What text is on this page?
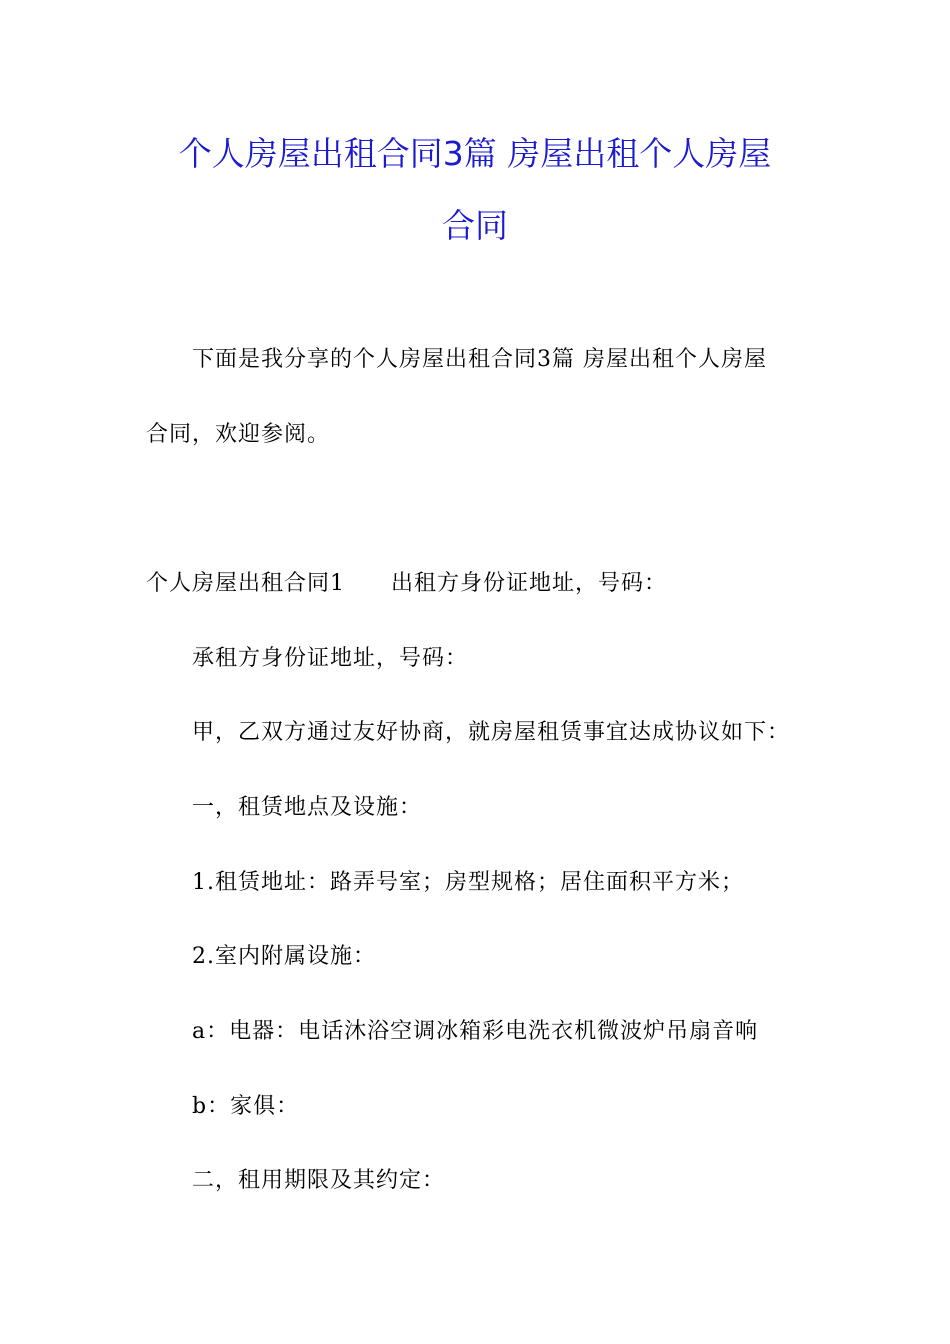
个人房屋出租合同3篇 房屋出租个人房屋
合同
下面是我分享的个人房屋出租合同3篇 房屋出租个人房屋
合同，欢迎参阅。
个人房屋出租合同1　　出租方身份证地址，号码：
承租方身份证地址，号码：
甲，乙双方通过友好协商，就房屋租赁事宜达成协议如下：
一，租赁地点及设施：
1.租赁地址：路弄号室；房型规格；居住面积平方米；
2.室内附属设施：
a：电器：电话沐浴空调冰箱彩电洗衣机微波炉吊扇音响
b：家俱：
二，租用期限及其约定：
